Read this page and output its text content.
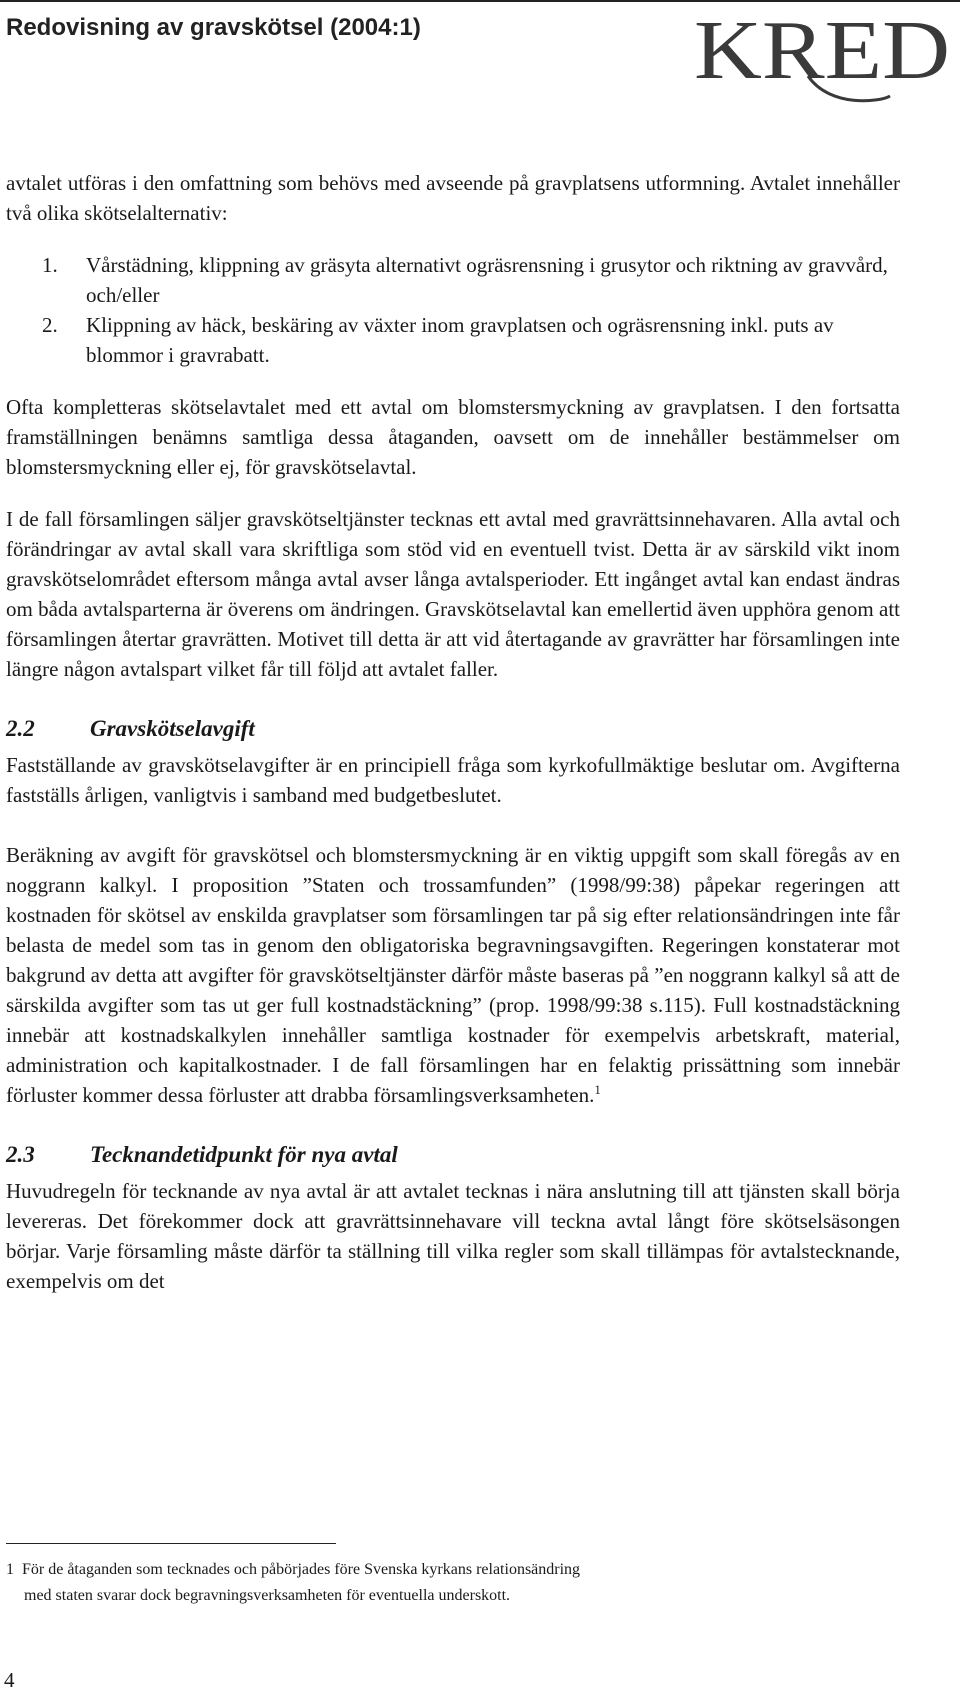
Redovisning av gravskötsel (2004:1)	KRED

avtalet utföras i den omfattning som behövs med avseende på gravplatsens utformning. Avtalet innehåller två olika skötselalternativ:

1. Vårstädning, klippning av gräsyta alternativt ogräsrensning i grusytor och riktning av gravvård, och/eller
2. Klippning av häck, beskäring av växter inom gravplatsen och ogräsrensning inkl. puts av blommor i gravrabatt.

Ofta kompletteras skötselavtalet med ett avtal om blomstersmyckning av gravplatsen. I den fortsatta framställningen benämns samtliga dessa åtaganden, oavsett om de innehåller bestämmelser om blomstersmyckning eller ej, för gravskötselavtal.

I de fall församlingen säljer gravskötseltjänster tecknas ett avtal med gravrättsinnehavaren. Alla avtal och förändringar av avtal skall vara skriftliga som stöd vid en eventuell tvist. Detta är av särskild vikt inom gravskötselområdet eftersom många avtal avser långa avtalsperioder. Ett ingånget avtal kan endast ändras om båda avtalsparterna är överens om ändringen. Gravskötselavtal kan emellertid även upphöra genom att församlingen återtar gravrätten. Motivet till detta är att vid återtagande av gravrätter har församlingen inte längre någon avtalspart vilket får till följd att avtalet faller.

2.2 Gravskötselavgift

Fastställande av gravskötselavgifter är en principiell fråga som kyrkofullmäktige beslutar om. Avgifterna fastställs årligen, vanligtvis i samband med budgetbeslutet.

Beräkning av avgift för gravskötsel och blomstersmyckning är en viktig uppgift som skall föregås av en noggrann kalkyl. I proposition ”Staten och trossamfunden” (1998/99:38) påpekar regeringen att kostnaden för skötsel av enskilda gravplatser som församlingen tar på sig efter relationsändringen inte får belasta de medel som tas in genom den obligatoriska begravningsavgiften. Regeringen konstaterar mot bakgrund av detta att avgifter för gravskötseltjänster därför måste baseras på ”en noggrann kalkyl så att de särskilda avgifter som tas ut ger full kostnadstäckning” (prop. 1998/99:38 s.115). Full kostnadstäckning innebär att kostnadskalkylen innehåller samtliga kostnader för exempelvis arbetskraft, material, administration och kapitalkostnader. I de fall församlingen har en felaktig prissättning som innebär förluster kommer dessa förluster att drabba församlingsverksamheten.$^1$

2.3 Tecknandetidpunkt för nya avtal

Huvudregeln för tecknande av nya avtal är att avtalet tecknas i nära anslutning till att tjänsten skall börja levereras. Det förekommer dock att gravrättsinnehavare vill teckna avtal långt före skötselsäsongen börjar. Varje församling måste därför ta ställning till vilka regler som skall tillämpas för avtalstecknande, exempelvis om det

1 För de åtaganden som tecknades och påbörjades före Svenska kyrkans relationsändring
med staten svarar dock begravningsverksamheten för eventuella underskott.
4
